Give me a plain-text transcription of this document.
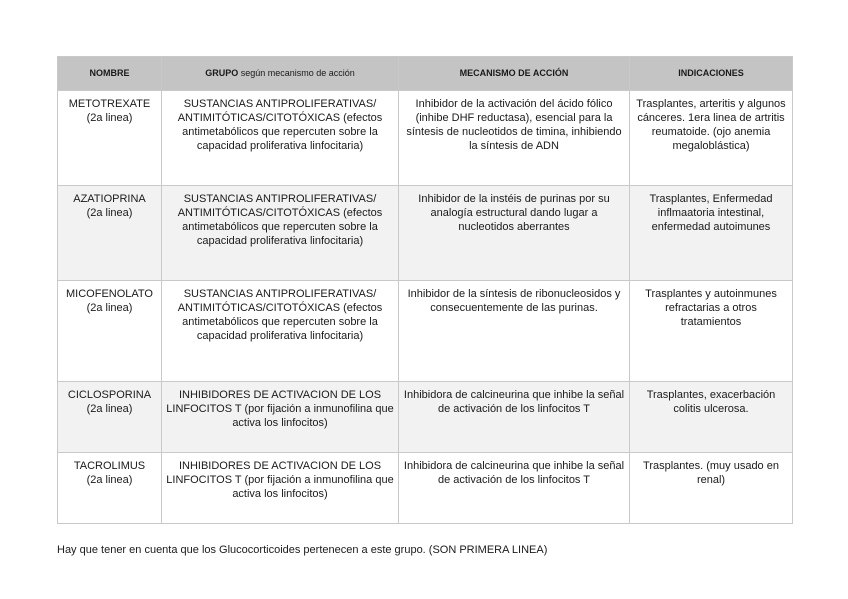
NOMBRE	GRUPO según mecanismo de acción	MECANISMO DE ACCIÓN	INDICACIONES

METOTREXATE
(2a linea)	SUSTANCIAS ANTIPROLIFERATIVAS/ ANTIMITÓTICAS/CITOTÓXICAS (efectos antimetabólicos que repercuten sobre la capacidad proliferativa linfocitaria)	Inhibidor de la activación del ácido fólico (inhibe DHF reductasa), esencial para la síntesis de nucleotidos de timina, inhibiendo la síntesis de ADN	Trasplantes, arteritis y algunos cánceres. 1era linea de artritis reumatoide. (ojo anemia megaloblástica)

AZATIOPRINA
(2a linea)	SUSTANCIAS ANTIPROLIFERATIVAS/ ANTIMITÓTICAS/CITOTÓXICAS (efectos antimetabólicos que repercuten sobre la capacidad proliferativa linfocitaria)	Inhibidor de la instéis de purinas por su analogía estructural dando lugar a nucleotidos aberrantes	Trasplantes, Enfermedad inflmaatoria intestinal, enfermedad autoimunes

MICOFENOLATO
(2a linea)	SUSTANCIAS ANTIPROLIFERATIVAS/ ANTIMITÓTICAS/CITOTÓXICAS (efectos antimetabólicos que repercuten sobre la capacidad proliferativa linfocitaria)	Inhibidor de la síntesis de ribonucleosidos y consecuentemente de las purinas.	Trasplantes y autoinmunes refractarias a otros tratamientos

CICLOSPORINA
(2a linea)	INHIBIDORES DE ACTIVACION DE LOS LINFOCITOS T (por fijación a inmunofilina que activa los linfocitos)	Inhibidora de calcineurina que inhibe la señal de activación de los linfocitos T	Trasplantes, exacerbación colitis ulcerosa.

TACROLIMUS
(2a linea)	INHIBIDORES DE ACTIVACION DE LOS LINFOCITOS T (por fijación a inmunofilina que activa los linfocitos)	Inhibidora de calcineurina que inhibe la señal de activación de los linfocitos T	Trasplantes. (muy usado en renal)

Hay que tener en cuenta que los Glucocorticoides pertenecen a este grupo. (SON PRIMERA LINEA)
